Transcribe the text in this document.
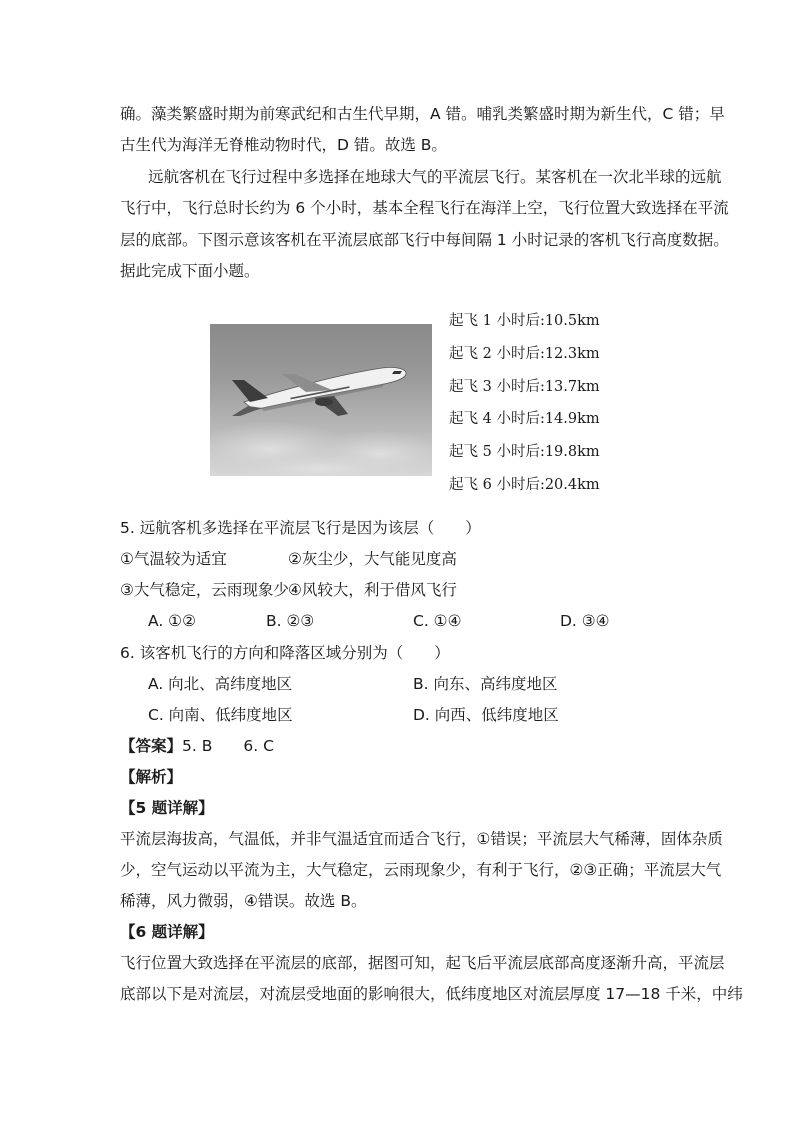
确。藻类繁盛时期为前寒武纪和古生代早期，A 错。哺乳类繁盛时期为新生代，C 错；早
古生代为海洋无脊椎动物时代，D 错。故选 B。
远航客机在飞行过程中多选择在地球大气的平流层飞行。某客机在一次北半球的远航
飞行中，飞行总时长约为 6 个小时，基本全程飞行在海洋上空，飞行位置大致选择在平流
层的底部。下图示意该客机在平流层底部飞行中每间隔 1 小时记录的客机飞行高度数据。
据此完成下面小题。
起飞 1 小时后:10.5km
起飞 2 小时后:12.3km
起飞 3 小时后:13.7km
起飞 4 小时后:14.9km
起飞 5 小时后:19.8km
起飞 6 小时后:20.4km
5. 远航客机多选择在平流层飞行是因为该层（　　）
①气温较为适宜	②灰尘少，大气能见度高
③大气稳定，云雨现象少 ④风较大，利于借风飞行
A. ①②	B. ②③	C. ①④	D. ③④
6. 该客机飞行的方向和降落区域分别为（　　）
A. 向北、高纬度地区	B. 向东、高纬度地区
C. 向南、低纬度地区	D. 向西、低纬度地区
【答案】5. B　　6. C
【解析】
【5 题详解】
平流层海拔高，气温低，并非气温适宜而适合飞行，①错误；平流层大气稀薄，固体杂质
少，空气运动以平流为主，大气稳定，云雨现象少，有利于飞行，②③正确；平流层大气
稀薄，风力微弱，④错误。故选 B。
【6 题详解】
飞行位置大致选择在平流层的底部，据图可知，起飞后平流层底部高度逐渐升高，平流层
底部以下是对流层，对流层受地面的影响很大，低纬度地区对流层厚度 17—18 千米，中纬
